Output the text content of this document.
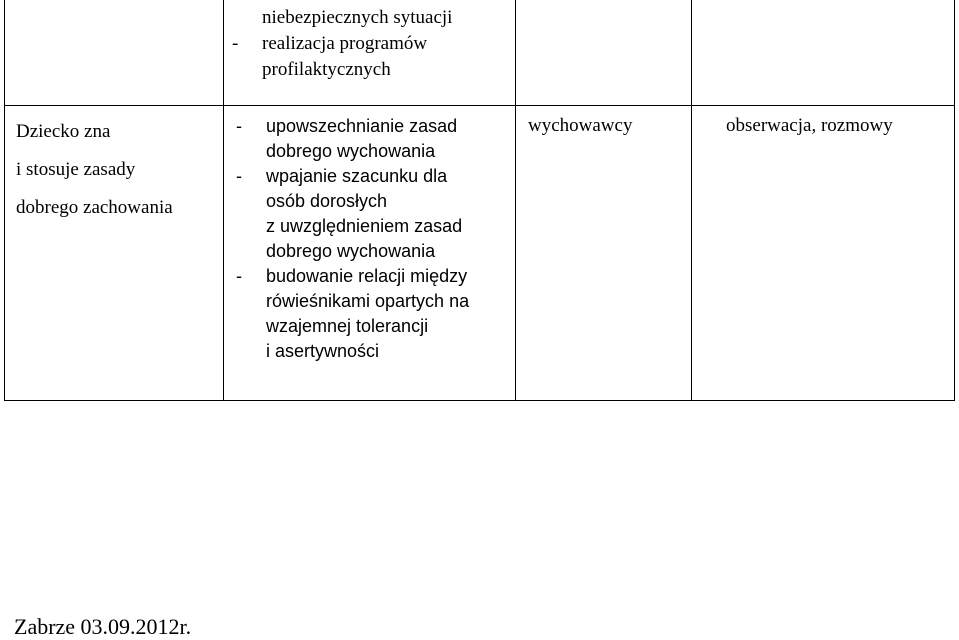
niebezpiecznych sytuacji
- realizacja programów
profilaktycznych
Dziecko zna
i stosuje zasady
dobrego zachowania
- upowszechnianie zasad
dobrego wychowania
- wpajanie szacunku dla
osób dorosłych
z uwzględnieniem zasad
dobrego wychowania
- budowanie relacji między
rówieśnikami opartych na
wzajemnej tolerancji
i asertywności
wychowawcy	obserwacja, rozmowy
Zabrze 03.09.2012r.
